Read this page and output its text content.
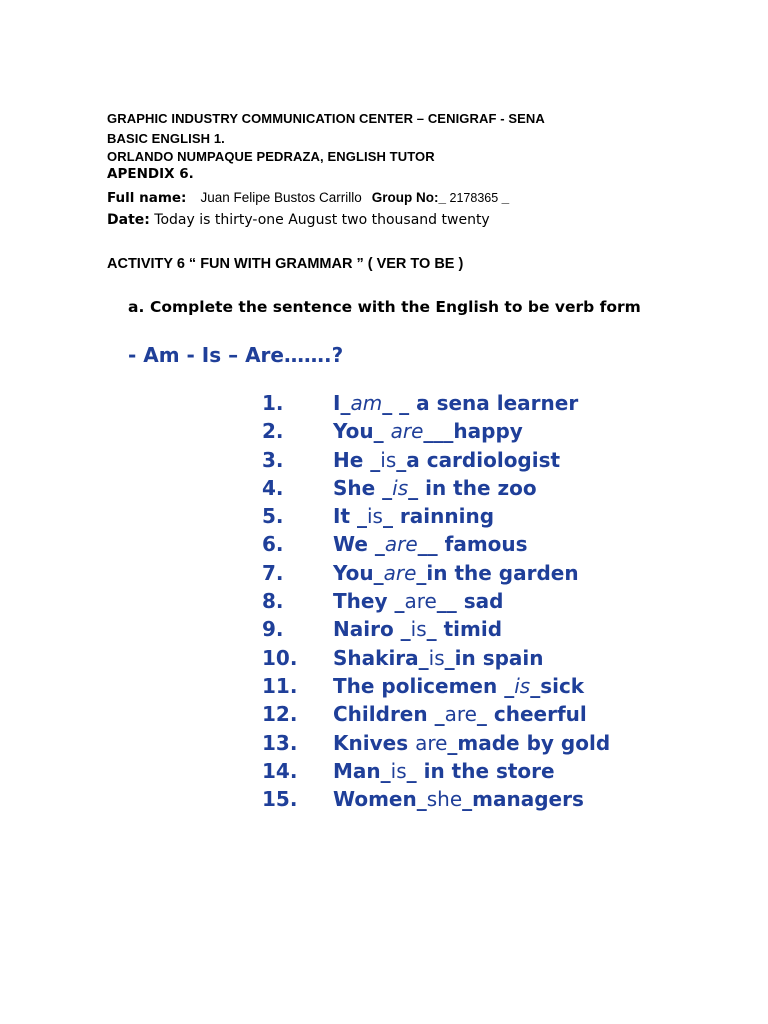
GRAPHIC INDUSTRY COMMUNICATION CENTER – CENIGRAF - SENA
BASIC ENGLISH 1.
ORLANDO NUMPAQUE PEDRAZA, ENGLISH TUTOR
APENDIX 6.
Full name: Juan Felipe Bustos Carrillo Group No:_ 2178365 _
Date: Today is thirty-one August two thousand twenty
ACTIVITY 6 “ FUN WITH GRAMMAR ” ( VER TO BE )
a. Complete the sentence with the English to be verb form
- Am - Is – Are…….?
1. I_am_ _ a sena learner
2. You_ are___happy
3. He _is_a cardiologist
4. She _is_ in the zoo
5. It _is_ rainning
6. We _are__ famous
7. You_are_in the garden
8. They _are__ sad
9. Nairo _is_ timid
10. Shakira_is_in spain
11. The policemen _is_sick
12. Children _are_ cheerful
13. Knives are_made by gold
14. Man_is_ in the store
15. Women_she_managers
